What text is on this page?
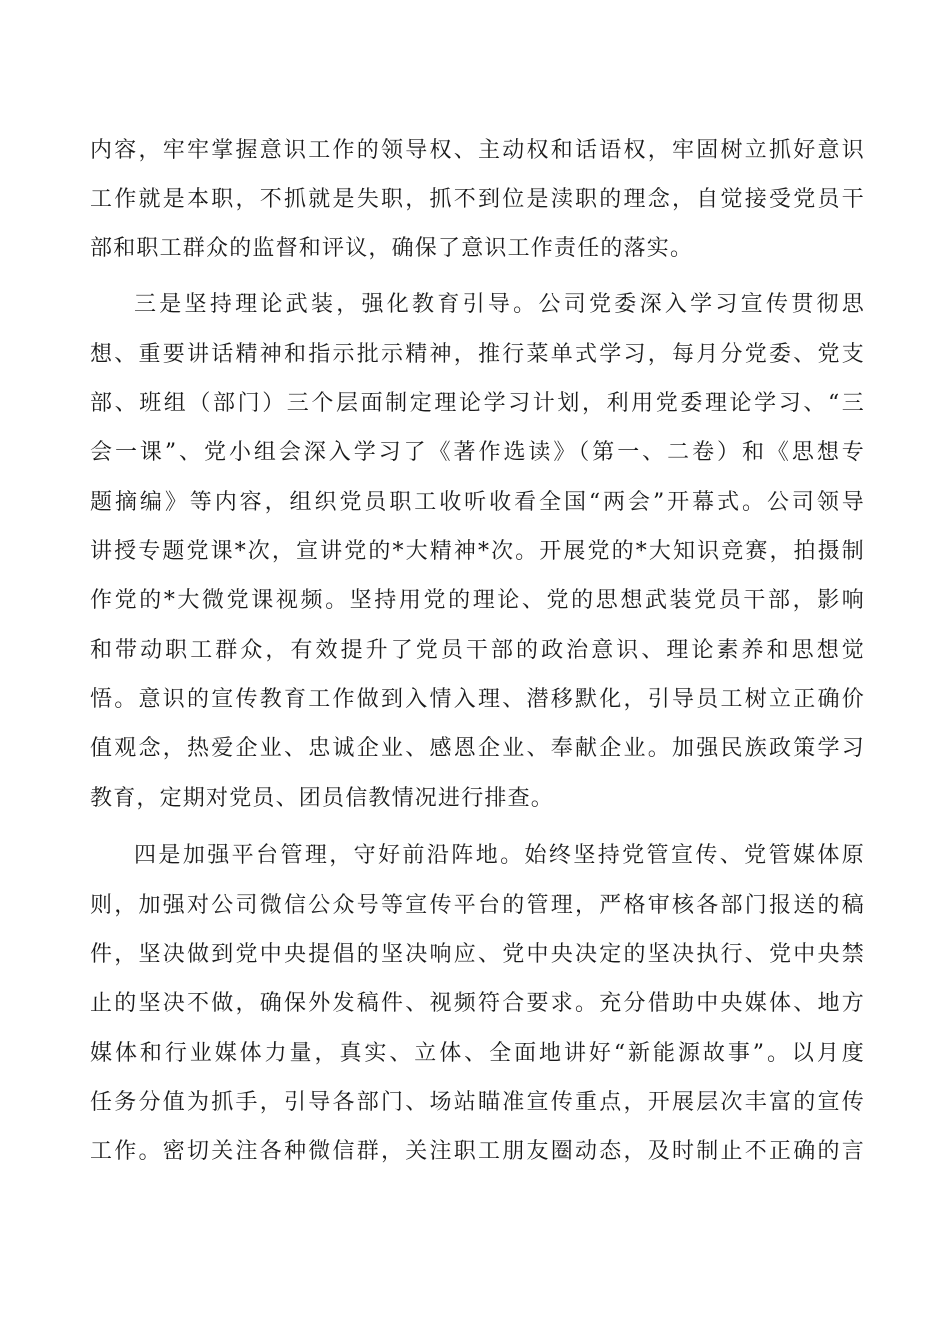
内容，牢牢掌握意识工作的领导权、主动权和话语权，牢固树立抓好意识
工作就是本职，不抓就是失职，抓不到位是渎职的理念，自觉接受党员干
部和职工群众的监督和评议，确保了意识工作责任的落实。
三是坚持理论武装，强化教育引导。公司党委深入学习宣传贯彻思
想、重要讲话精神和指示批示精神，推行菜单式学习，每月分党委、党支
部、班组（部门）三个层面制定理论学习计划，利用党委理论学习、“三
会一课”、党小组会深入学习了《著作选读》（第一、二卷）和《思想专
题摘编》等内容，组织党员职工收听收看全国“两会”开幕式。公司领导
讲授专题党课*次，宣讲党的*大精神*次。开展党的*大知识竞赛，拍摄制
作党的*大微党课视频。坚持用党的理论、党的思想武装党员干部，影响
和带动职工群众，有效提升了党员干部的政治意识、理论素养和思想觉
悟。意识的宣传教育工作做到入情入理、潜移默化，引导员工树立正确价
值观念，热爱企业、忠诚企业、感恩企业、奉献企业。加强民族政策学习
教育，定期对党员、团员信教情况进行排查。
四是加强平台管理，守好前沿阵地。始终坚持党管宣传、党管媒体原
则，加强对公司微信公众号等宣传平台的管理，严格审核各部门报送的稿
件，坚决做到党中央提倡的坚决响应、党中央决定的坚决执行、党中央禁
止的坚决不做，确保外发稿件、视频符合要求。充分借助中央媒体、地方
媒体和行业媒体力量，真实、立体、全面地讲好“新能源故事”。以月度
任务分值为抓手，引导各部门、场站瞄准宣传重点，开展层次丰富的宣传
工作。密切关注各种微信群，关注职工朋友圈动态，及时制止不正确的言
